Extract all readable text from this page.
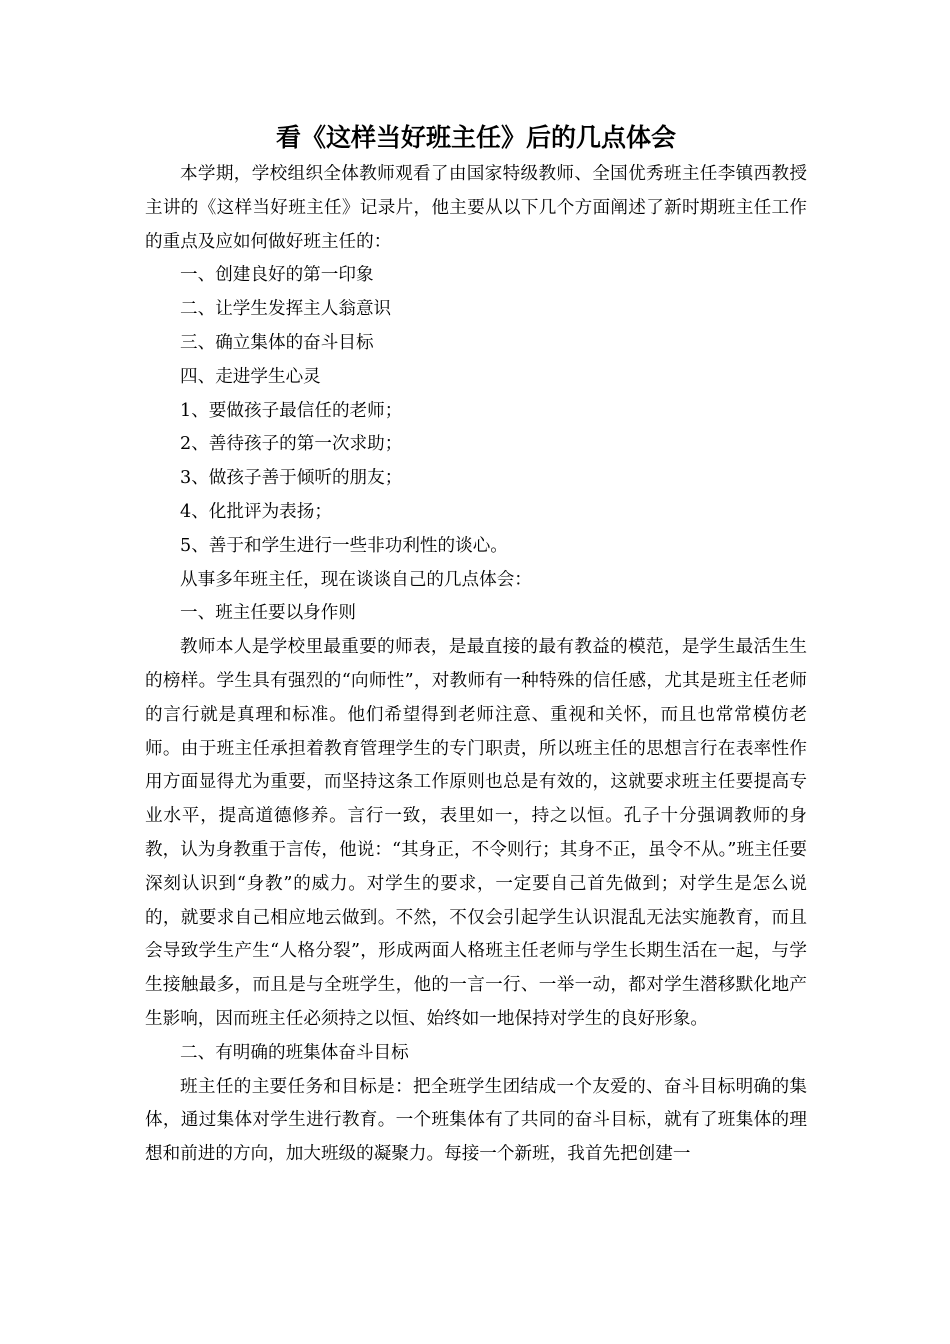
看《这样当好班主任》后的几点体会

本学期，学校组织全体教师观看了由国家特级教师、全国优秀班主任李镇西教授主讲的《这样当好班主任》记录片，他主要从以下几个方面阐述了新时期班主任工作的重点及应如何做好班主任的：

一、创建良好的第一印象

二、让学生发挥主人翁意识

三、确立集体的奋斗目标

四、走进学生心灵

1、要做孩子最信任的老师；

2、善待孩子的第一次求助；

3、做孩子善于倾听的朋友；

4、化批评为表扬；

5、善于和学生进行一些非功利性的谈心。

从事多年班主任，现在谈谈自己的几点体会：

一、班主任要以身作则

教师本人是学校里最重要的师表，是最直接的最有教益的模范，是学生最活生生的榜样。学生具有强烈的“向师性”，对教师有一种特殊的信任感，尤其是班主任老师的言行就是真理和标准。他们希望得到老师注意、重视和关怀，而且也常常模仿老师。由于班主任承担着教育管理学生的专门职责，所以班主任的思想言行在表率性作用方面显得尤为重要，而坚持这条工作原则也总是有效的，这就要求班主任要提高专业水平，提高道德修养。言行一致，表里如一，持之以恒。孔子十分强调教师的身教，认为身教重于言传，他说：“其身正，不令则行；其身不正，虽令不从。”班主任要深刻认识到“身教”的威力。对学生的要求，一定要自己首先做到；对学生是怎么说的，就要求自己相应地云做到。不然，不仅会引起学生认识混乱无法实施教育，而且会导致学生产生“人格分裂”，形成两面人格班主任老师与学生长期生活在一起，与学生接触最多，而且是与全班学生，他的一言一行、一举一动，都对学生潜移默化地产生影响，因而班主任必须持之以恒、始终如一地保持对学生的良好形象。

二、有明确的班集体奋斗目标

班主任的主要任务和目标是：把全班学生团结成一个友爱的、奋斗目标明确的集体，通过集体对学生进行教育。一个班集体有了共同的奋斗目标，就有了班集体的理想和前进的方向，加大班级的凝聚力。每接一个新班，我首先把创建一
